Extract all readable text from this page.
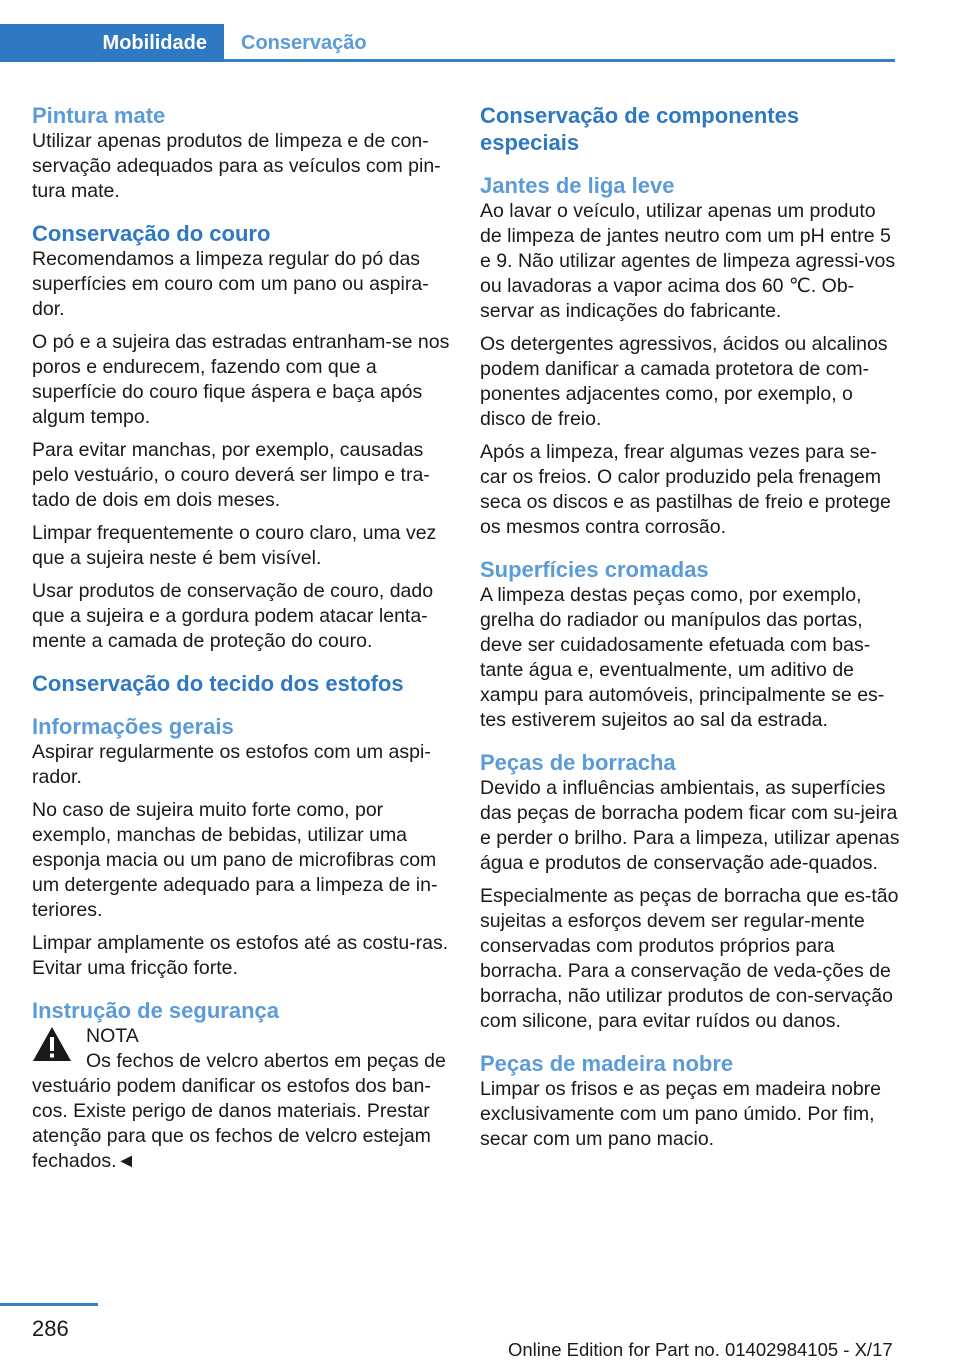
Mobilidade	Conservação
Pintura mate

Utilizar apenas produtos de limpeza e de con-servação adequados para as veículos com pin-tura mate.

Conservação do couro

Recomendamos a limpeza regular do pó das superfícies em couro com um pano ou aspira-dor.

O pó e a sujeira das estradas entranham-se nos poros e endurecem, fazendo com que a superfície do couro fique áspera e baça após algum tempo.

Para evitar manchas, por exemplo, causadas pelo vestuário, o couro deverá ser limpo e tra-tado de dois em dois meses.

Limpar frequentemente o couro claro, uma vez que a sujeira neste é bem visível.

Usar produtos de conservação de couro, dado que a sujeira e a gordura podem atacar lenta-mente a camada de proteção do couro.

Conservação do tecido dos estofos
Informações gerais

Aspirar regularmente os estofos com um aspi-rador.

No caso de sujeira muito forte como, por exemplo, manchas de bebidas, utilizar uma esponja macia ou um pano de microfibras com um detergente adequado para a limpeza de in-teriores.

Limpar amplamente os estofos até as costu-ras. Evitar uma fricção forte.

Instrução de segurança
NOTA

Os fechos de velcro abertos em peças de vestuário podem danificar os estofos dos ban-cos. Existe perigo de danos materiais. Prestar atenção para que os fechos de velcro estejam fechados.◄

Conservação de componentes especiais
Jantes de liga leve

Ao lavar o veículo, utilizar apenas um produto de limpeza de jantes neutro com um pH entre 5 e 9. Não utilizar agentes de limpeza agressi-vos ou lavadoras a vapor acima dos 60 ℃. Ob-servar as indicações do fabricante.

Os detergentes agressivos, ácidos ou alcalinos podem danificar a camada protetora de com-ponentes adjacentes como, por exemplo, o disco de freio.

Após a limpeza, frear algumas vezes para se-car os freios. O calor produzido pela frenagem seca os discos e as pastilhas de freio e protege os mesmos contra corrosão.

Superfícies cromadas

A limpeza destas peças como, por exemplo, grelha do radiador ou manípulos das portas, deve ser cuidadosamente efetuada com bas-tante água e, eventualmente, um aditivo de xampu para automóveis, principalmente se es-tes estiverem sujeitos ao sal da estrada.

Peças de borracha

Devido a influências ambientais, as superfícies das peças de borracha podem ficar com su-jeira e perder o brilho. Para a limpeza, utilizar apenas água e produtos de conservação ade-quados.

Especialmente as peças de borracha que es-tão sujeitas a esforços devem ser regular-mente conservadas com produtos próprios para borracha. Para a conservação de veda-ções de borracha, não utilizar produtos de con-servação com silicone, para evitar ruídos ou danos.

Peças de madeira nobre

Limpar os frisos e as peças em madeira nobre exclusivamente com um pano úmido. Por fim, secar com um pano macio.

286
Online Edition for Part no. 01402984105 - X/17
